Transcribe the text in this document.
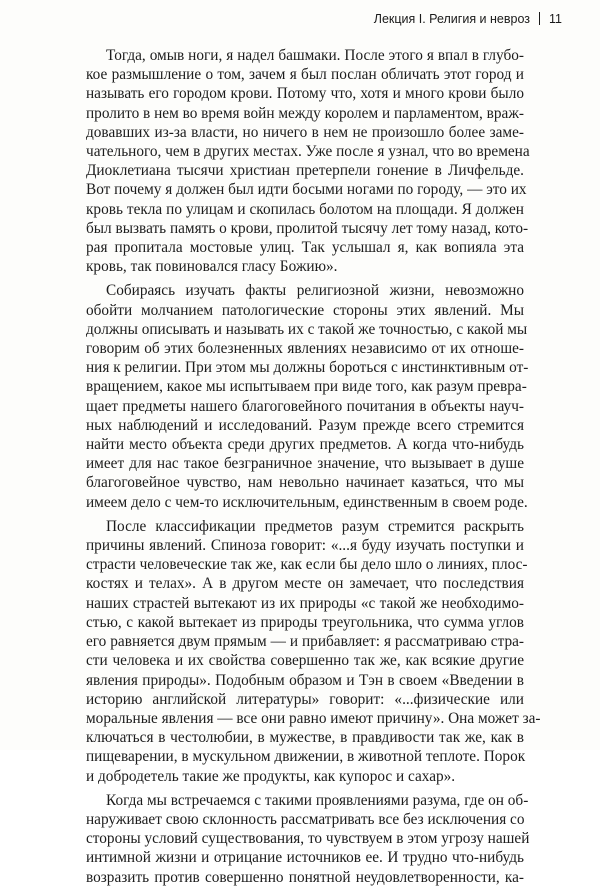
Лекция I. Религия и невроз 11

Тогда, омыв ноги, я надел башмаки. После этого я впал в глубо-
кое размышление о том, зачем я был послан обличать этот город и
называть его городом крови. Потому что, хотя и много крови было
пролито в нем во время войн между королем и парламентом, враж-
довавших из-за власти, но ничего в нем не произошло более заме-
чательного, чем в других местах. Уже после я узнал, что во времена
Диоклетиана тысячи христиан претерпели гонение в Личфельде.
Вот почему я должен был идти босыми ногами по городу, — это их
кровь текла по улицам и скопилась болотом на площади. Я должен
был вызвать память о крови, пролитой тысячу лет тому назад, кото-
рая пропитала мостовые улиц. Так услышал я, как вопияла эта
кровь, так повиновался гласу Божию».

Собираясь изучать факты религиозной жизни, невозможно
обойти молчанием патологические стороны этих явлений. Мы
должны описывать и называть их с такой же точностью, с какой мы
говорим об этих болезненных явлениях независимо от их отноше-
ния к религии. При этом мы должны бороться с инстинктивным от-
вращением, какое мы испытываем при виде того, как разум превра-
щает предметы нашего благоговейного почитания в объекты науч-
ных наблюдений и исследований. Разум прежде всего стремится
найти место объекта среди других предметов. А когда что-нибудь
имеет для нас такое безграничное значение, что вызывает в душе
благоговейное чувство, нам невольно начинает казаться, что мы
имеем дело с чем-то исключительным, единственным в своем роде.

После классификации предметов разум стремится раскрыть
причины явлений. Спиноза говорит: «...я буду изучать поступки и
страсти человеческие так же, как если бы дело шло о линиях, плос-
костях и телах». А в другом месте он замечает, что последствия
наших страстей вытекают из их природы «с такой же необходимо-
стью, с какой вытекает из природы треугольника, что сумма углов
его равняется двум прямым — и прибавляет: я рассматриваю стра-
сти человека и их свойства совершенно так же, как всякие другие
явления природы». Подобным образом и Тэн в своем «Введении в
историю английской литературы» говорит: «...физические или
моральные явления — все они равно имеют причину». Она может за-
ключаться в честолюбии, в мужестве, в правдивости так же, как в
пищеварении, в мускульном движении, в животной теплоте. Порок
и добродетель такие же продукты, как купорос и сахар».

Когда мы встречаемся с такими проявлениями разума, где он об-
наруживает свою склонность рассматривать все без исключения со
стороны условий существования, то чувствуем в этом угрозу нашей
интимной жизни и отрицание источников ее. И трудно что-нибудь
возразить против совершенно понятной неудовлетворенности, ка-
